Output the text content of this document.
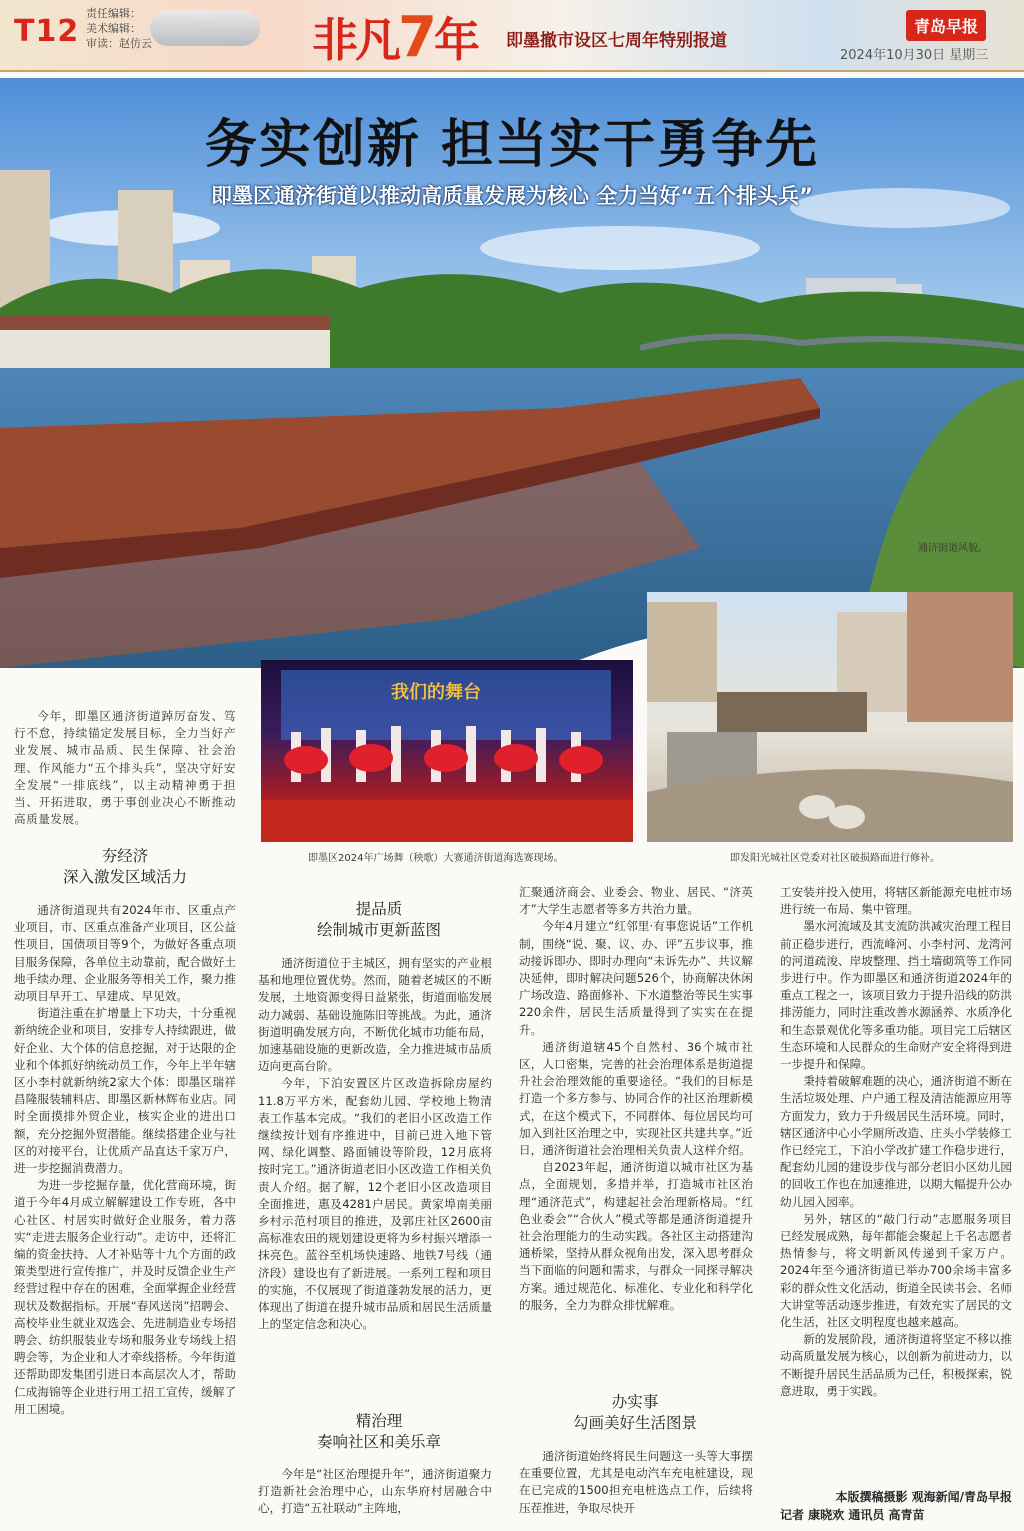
T12
责任编辑：
美术编辑：
审读：赵仿云	非凡7年 即墨撤市设区七周年特别报道
青岛早报
2024年10月30日 星期三
务实创新 担当实干勇争先
即墨区通济街道以推动高质量发展为核心 全力当好“五个排头兵”
通济街道风貌。
我们的舞台
即墨区2024年广场舞（秧歌）大赛通济街道海选赛现场。	即发阳光城社区党委对社区破损路面进行修补。
今年，即墨区通济街道踔厉奋发、笃行不怠，持续锚定发展目标，全力当好产业发展、城市品质、民生保障、社会治理、作风能力“五个排头兵”，坚决守好安全发展“一排底线”，以主动精神勇于担当、开拓进取，勇于事创业决心不断推动高质量发展。
夯经济
深入激发区域活力

通济街道现共有2024年市、区重点产业项目，市、区重点准备产业项目，区公益性项目，国债项目等9个，为做好各重点项目服务保障，各单位主动靠前，配合做好土地手续办理、企业服务等相关工作，聚力推动项目早开工、早建成、早见效。

街道注重在扩增量上下功夫，十分重视新纳统企业和项目，安排专人持续跟进，做好企业、大个体的信息挖掘，对于达限的企业和个体抓好纳统动员工作，今年上半年辖区小李村就新纳统2家大个体：即墨区瑞祥昌隆服装辅料店、即墨区新林辉布业店。同时全面摸排外贸企业，核实企业的进出口额，充分挖掘外贸潜能。继续搭建企业与社区的对接平台，让优质产品直达千家万户，进一步挖掘消费潜力。

为进一步挖掘存量，优化营商环境，街道于今年4月成立解解建设工作专班，各中心社区、村居实时做好企业服务，着力落实“走进去服务企业行动”。走访中，还将汇编的资金扶持、人才补贴等十九个方面的政策类型进行宣传推广，并及时反馈企业生产经营过程中存在的困难，全面掌握企业经营现状及数据指标。开展“春风送岗”招聘会、高校毕业生就业双选会、先进制造业专场招聘会、纺织服装业专场和服务业专场线上招聘会等，为企业和人才牵线搭桥。今年街道还帮助即发集团引进日本高层次人才，帮助仁成海锦等企业进行用工招工宣传，缓解了用工困境。

提品质
绘制城市更新蓝图

通济街道位于主城区，拥有坚实的产业根基和地理位置优势。然而，随着老城区的不断发展，土地资源变得日益紧张，街道面临发展动力减弱、基础设施陈旧等挑战。为此，通济街道明确发展方向，不断优化城市功能布局，加速基础设施的更新改造，全力推进城市品质迈向更高台阶。

今年，下泊安置区片区改造拆除房屋约11.8万平方米，配套幼儿园、学校地上物清表工作基本完成。“我们的老旧小区改造工作继续按计划有序推进中，目前已进入地下管网、绿化调整、路面铺设等阶段，12月底将按时完工。”通济街道老旧小区改造工作相关负责人介绍。据了解，12个老旧小区改造项目全面推进，惠及4281户居民。黄家埠南美丽乡村示范村项目的推进，及郭庄社区2600亩高标准农田的规划建设更将为乡村振兴增添一抹亮色。蓝谷至机场快速路、地铁7号线（通济段）建设也有了新进展。一系列工程和项目的实施，不仅展现了街道蓬勃发展的活力，更体现出了街道在提升城市品质和居民生活质量上的坚定信念和决心。

精治理
奏响社区和美乐章

今年是“社区治理提升年”，通济街道聚力打造新社会治理中心，山东华府村居融合中心，打造“五社联动”主阵地，

汇聚通济商会、业委会、物业、居民、“济英才”大学生志愿者等多方共治力量。

今年4月建立“红邻里·有事您说话”工作机制，围绕“说、聚、议、办、评”五步议事，推动接诉即办、即时办理向“未诉先办”、共议解决延伸，即时解决问题526个，协商解决休闲广场改造、路面修补、下水道整治等民生实事220余件，居民生活质量得到了实实在在提升。

通济街道辖45个自然村、36个城市社区，人口密集，完善的社会治理体系是街道提升社会治理效能的重要途径。“我们的目标是打造一个多方参与、协同合作的社区治理新模式，在这个模式下，不同群体、每位居民均可加入到社区治理之中，实现社区共建共享。”近日，通济街道社会治理相关负责人这样介绍。

自2023年起，通济街道以城市社区为基点，全面规划，多措并举，打造城市社区治理“通济范式”，构建起社会治理新格局。“红色业委会”“合伙人”模式等都是通济街道提升社会治理能力的生动实践。各社区主动搭建沟通桥梁，坚持从群众视角出发，深入思考群众当下面临的问题和需求，与群众一同探寻解决方案。通过规范化、标准化、专业化和科学化的服务，全力为群众排忧解难。

办实事
勾画美好生活图景

通济街道始终将民生问题这一头等大事摆在重要位置，尤其是电动汽车充电桩建设，现在已完成的1500担充电桩选点工作，后续将压茬推进，争取尽快开

工安装并投入使用，将辖区新能源充电桩市场进行统一布局、集中管理。

墨水河流域及其支流防洪减灾治理工程目前正稳步进行，西流峰河、小李村河、龙湾河的河道疏浚、岸坡整理、挡土墙砌筑等工作同步进行中。作为即墨区和通济街道2024年的重点工程之一，该项目致力于提升沿线的防洪排涝能力，同时注重改善水源涵养、水质净化和生态景观优化等多重功能。项目完工后辖区生态环境和人民群众的生命财产安全将得到进一步提升和保障。

秉持着破解难题的决心，通济街道不断在生活垃圾处理、户户通工程及清洁能源应用等方面发力，致力于升级居民生活环境。同时，辖区通济中心小学厕所改造、庄头小学装修工作已经完工，下泊小学改扩建工作稳步进行，配套幼儿园的建设步伐与部分老旧小区幼儿园的回收工作也在加速推进，以期大幅提升公办幼儿园入园率。

另外，辖区的“敲门行动”志愿服务项目已经发展成熟，每年都能会聚起上千名志愿者热情参与，将文明新风传递到千家万户。2024年至今通济街道已举办700余场丰富多彩的群众性文化活动，街道全民读书会、名师大讲堂等活动逐步推进，有效充实了居民的文化生活，社区文明程度也越来越高。

新的发展阶段，通济街道将坚定不移以推动高质量发展为核心，以创新为前进动力，以不断提升居民生活品质为己任，积极探索，锐意进取，勇于实践。

本版撰稿摄影 观海新闻/青岛早报
记者 康晓欢 通讯员 高青苗
